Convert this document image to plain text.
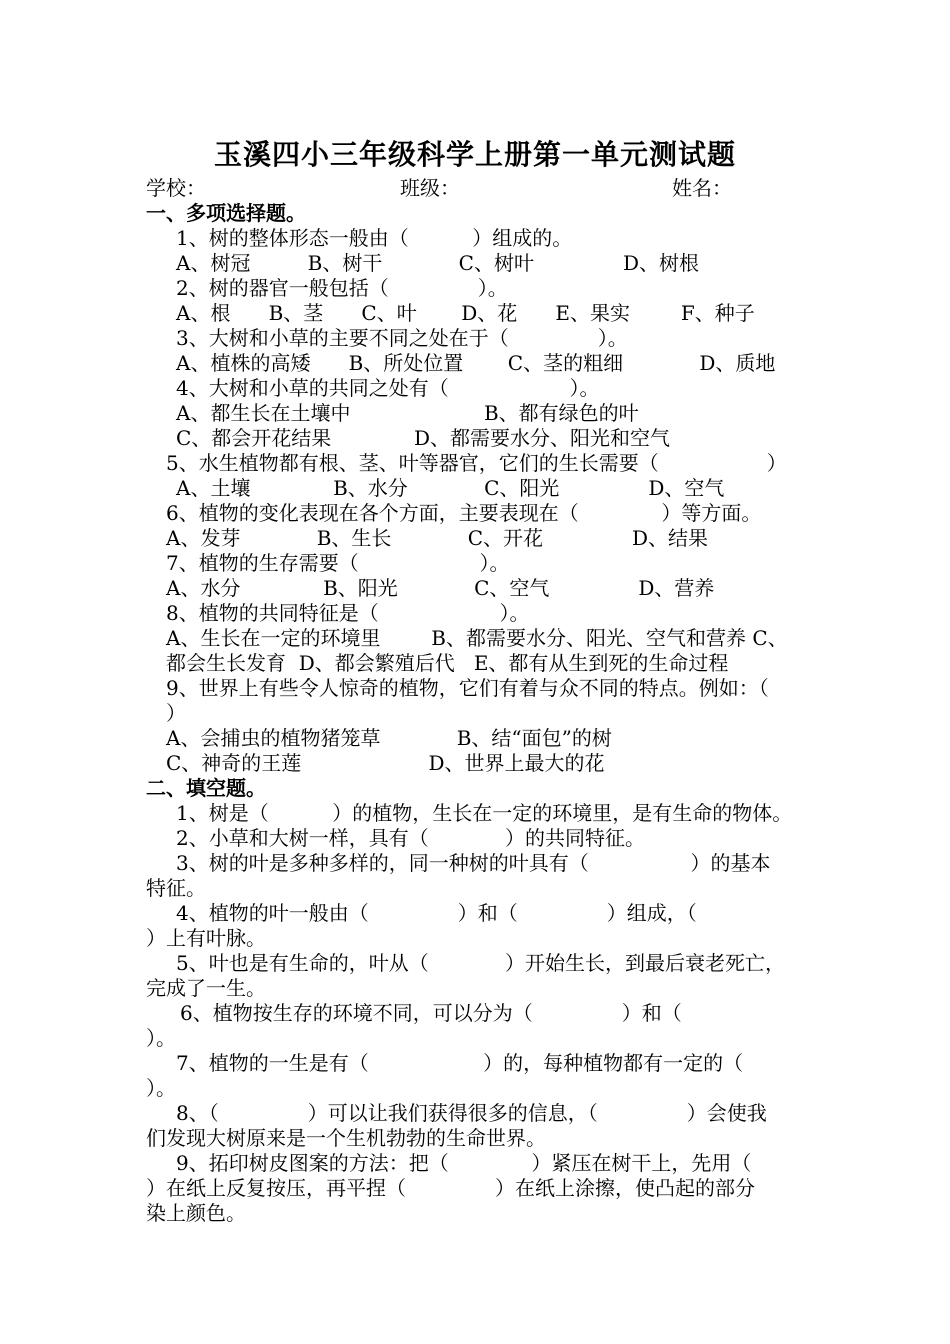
玉溪四小三年级科学上册第一单元测试题
学校：	班级：	姓名：
一、多项选择题。
1、树的整体形态一般由（          ）组成的。
A、树冠         B、树干            C、树叶              D、树根
2、树的器官一般包括（              ）。
A、根      B、茎      C、叶       D、花      E、果实        F、种子
3、大树和小草的主要不同之处在于（              ）。
A、植株的高矮      B、所处位置       C、茎的粗细            D、质地
4、大树和小草的共同之处有（                   ）。
A、都生长在土壤中                     B、都有绿色的叶
C、都会开花结果             D、都需要水分、阳光和空气
5、水生植物都有根、茎、叶等器官，它们的生长需要（                 ）
A、土壤             B、水分            C、阳光              D、空气
6、植物的变化表现在各个方面，主要表现在（             ）等方面。
A、发芽            B、生长            C、开花              D、结果
7、植物的生存需要（                   ）。
A、水分             B、阳光            C、空气              D、营养
8、植物的共同特征是（                   ）。
A、生长在一定的环境里        B、都需要水分、阳光、空气和营养 C、
都会生长发育  D、都会繁殖后代   E、都有从生到死的生命过程
9、世界上有些令人惊奇的植物，它们有着与众不同的特点。例如：（
）
A、会捕虫的植物猪笼草            B、结“面包”的树
C、神奇的王莲                    D、世界上最大的花
二、填空题。
1、树是（          ）的植物，生长在一定的环境里，是有生命的物体。
2、小草和大树一样，具有（            ）的共同特征。
3、树的叶是多种多样的，同一种树的叶具有（                ）的基本
特征。
4、植物的叶一般由（              ）和（              ）组成，（
）上有叶脉。
5、叶也是有生命的，叶从（            ）开始生长，到最后衰老死亡，
完成了一生。
6、植物按生存的环境不同，可以分为（              ）和（
）。
7、植物的一生是有（                  ）的，每种植物都有一定的（
）。
8、（              ）可以让我们获得很多的信息，（              ）会使我
们发现大树原来是一个生机勃勃的生命世界。
9、拓印树皮图案的方法：把（             ）紧压在树干上，先用（
）在纸上反复按压，再平捏（              ）在纸上涂擦，使凸起的部分
染上颜色。
